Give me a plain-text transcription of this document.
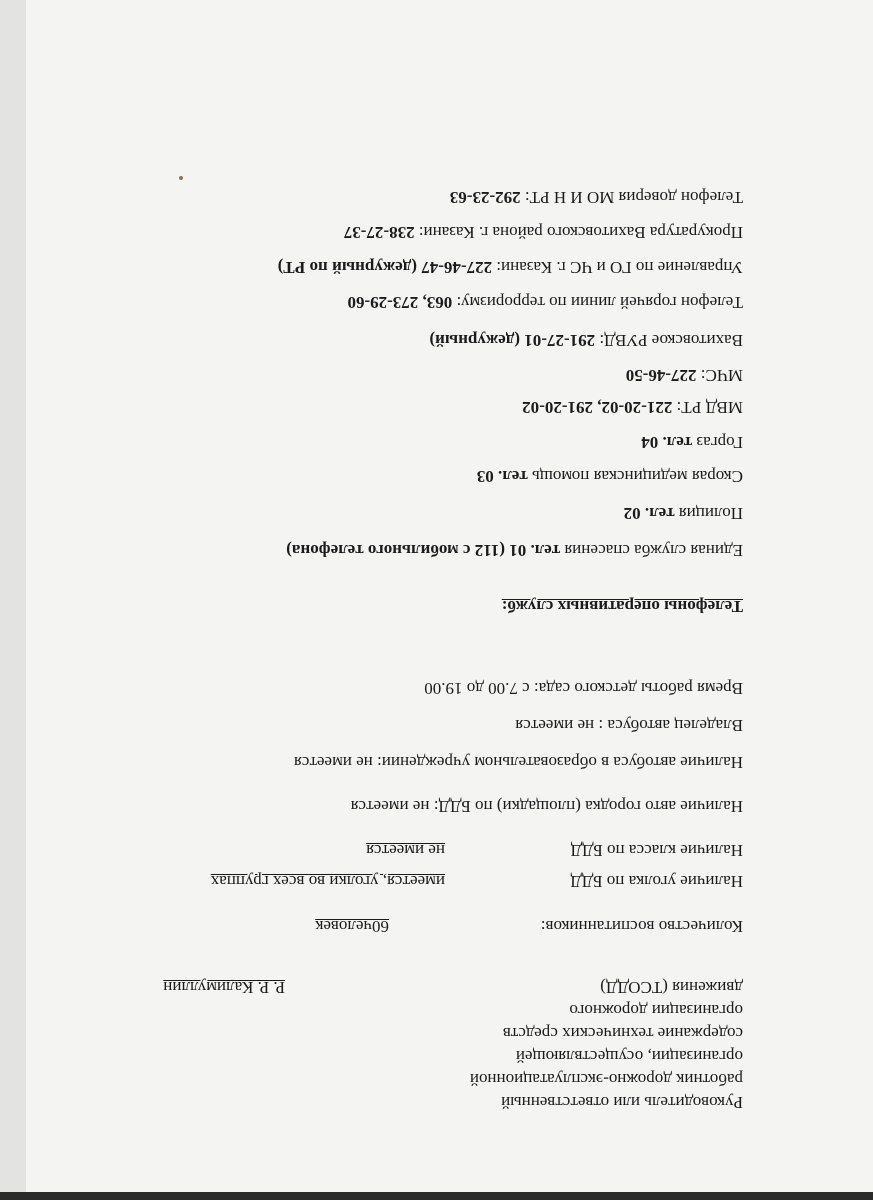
Руководитель или ответственный
работник дорожно-эксплуатационной
организации, осуществляющей
содержание технических средств
организации дорожного
движения (ТСОДД)
Р. Р. Калимуллин
Количество воспитанников:
60человек
Наличие уголка по БДД
имеется, уголки во всех группах
Наличие класса по БДД
не имеется
Наличие авто городка (площадки) по БДД: не имеется
Наличие автобуса в образовательном учреждении: не имеется
Владелец автобуса : не имеется
Время работы детского сада: с 7.00 до 19.00
Телефоны оперативных служб:
Единая служба спасения тел. 01 (112 с мобильного телефона)
Полиция тел. 02
Скорая медицинская помощь тел. 03
Горгаз тел. 04
МВД РТ: 221-20-02, 291-20-02
МЧС: 227-46-50
Вахитовское РУВД: 291-27-01 (дежурный)
Телефон горячей линии по терроризму: 063, 273-29-60
Управление по ГО и ЧС г. Казани: 227-46-47 (дежурный по РТ)
Прокуратура Вахитовского района г. Казани: 238-27-37
Телефон доверия МО И Н РТ: 292-23-63
